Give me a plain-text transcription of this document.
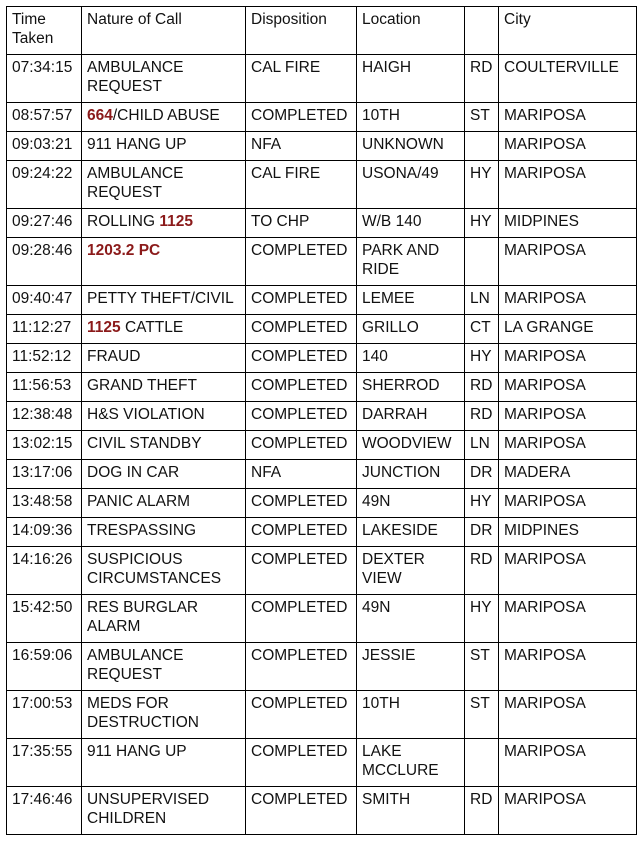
Time Taken	Nature of Call	Disposition	Location		City
07:34:15	AMBULANCE REQUEST	CAL FIRE	HAIGH	RD	COULTERVILLE
08:57:57	664/CHILD ABUSE	COMPLETED	10TH	ST	MARIPOSA
09:03:21	911 HANG UP	NFA	UNKNOWN		MARIPOSA
09:24:22	AMBULANCE REQUEST	CAL FIRE	USONA/49	HY	MARIPOSA
09:27:46	ROLLING 1125	TO CHP	W/B 140	HY	MIDPINES
09:28:46	1203.2 PC	COMPLETED	PARK AND RIDE		MARIPOSA
09:40:47	PETTY THEFT/CIVIL	COMPLETED	LEMEE	LN	MARIPOSA
11:12:27	1125 CATTLE	COMPLETED	GRILLO	CT	LA GRANGE
11:52:12	FRAUD	COMPLETED	140	HY	MARIPOSA
11:56:53	GRAND THEFT	COMPLETED	SHERROD	RD	MARIPOSA
12:38:48	H&S VIOLATION	COMPLETED	DARRAH	RD	MARIPOSA
13:02:15	CIVIL STANDBY	COMPLETED	WOODVIEW	LN	MARIPOSA
13:17:06	DOG IN CAR	NFA	JUNCTION	DR	MADERA
13:48:58	PANIC ALARM	COMPLETED	49N	HY	MARIPOSA
14:09:36	TRESPASSING	COMPLETED	LAKESIDE	DR	MIDPINES
14:16:26	SUSPICIOUS CIRCUMSTANCES	COMPLETED	DEXTER VIEW	RD	MARIPOSA
15:42:50	RES BURGLAR ALARM	COMPLETED	49N	HY	MARIPOSA
16:59:06	AMBULANCE REQUEST	COMPLETED	JESSIE	ST	MARIPOSA
17:00:53	MEDS FOR DESTRUCTION	COMPLETED	10TH	ST	MARIPOSA
17:35:55	911 HANG UP	COMPLETED	LAKE MCCLURE		MARIPOSA
17:46:46	UNSUPERVISED CHILDREN	COMPLETED	SMITH	RD	MARIPOSA
